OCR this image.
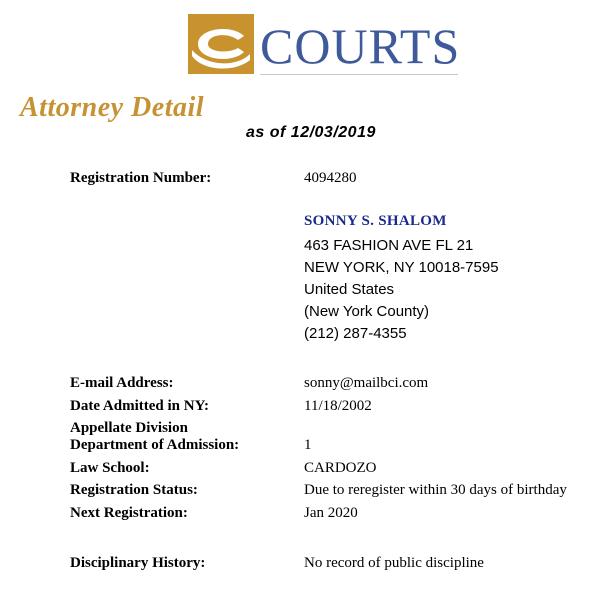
COURTS
Attorney Detail
as of 12/03/2019
Registration Number:	4094280
SONNY S. SHALOM
463 FASHION AVE FL 21
NEW YORK, NY 10018-7595
United States
(New York County)
(212) 287-4355
E-mail Address:	sonny@mailbci.com
Date Admitted in NY:	11/18/2002
Appellate Division
Department of Admission:	1
Law School:	CARDOZO
Registration Status:	Due to reregister within 30 days of birthday
Next Registration:	Jan 2020
Disciplinary History:	No record of public discipline
